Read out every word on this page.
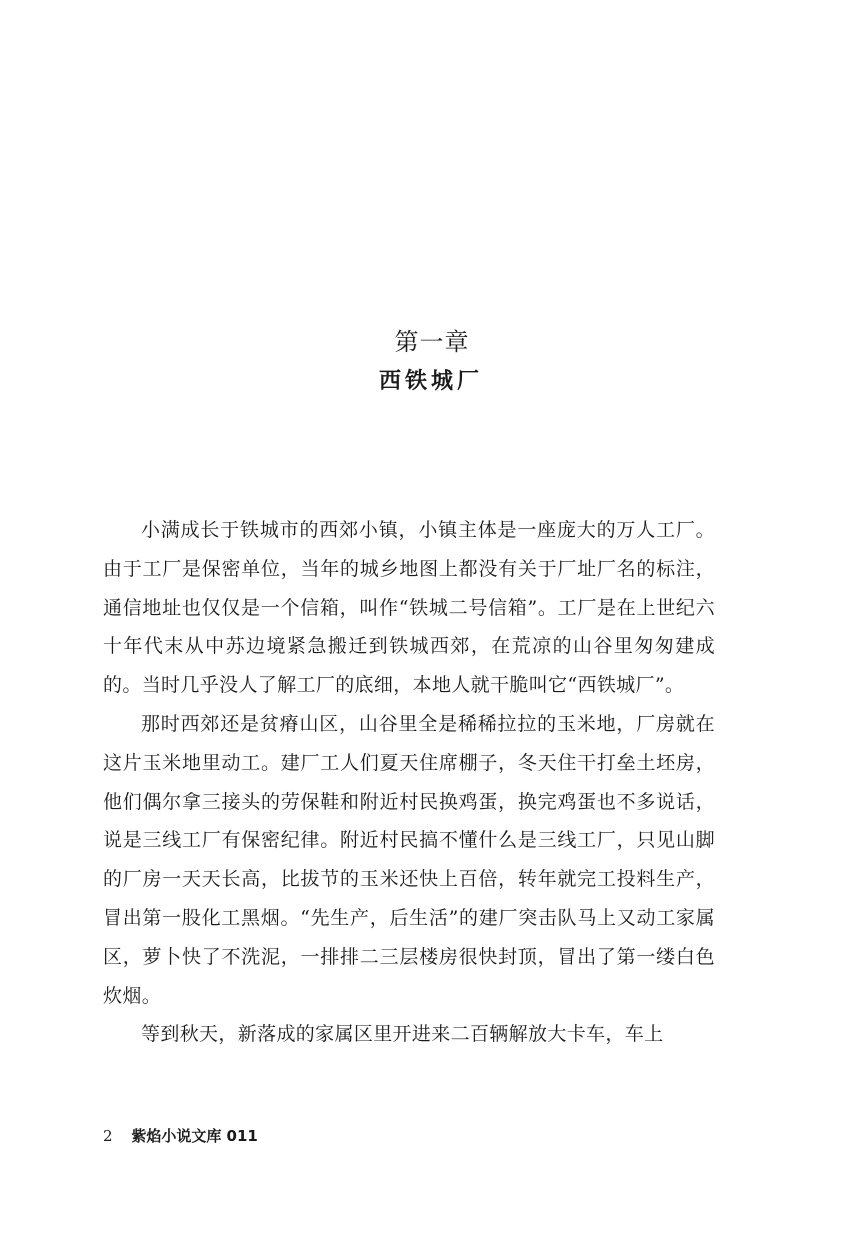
第一章
西铁城厂

小满成长于铁城市的西郊小镇，小镇主体是一座庞大的万人工厂。由于工厂是保密单位，当年的城乡地图上都没有关于厂址厂名的标注，通信地址也仅仅是一个信箱，叫作“铁城二号信箱”。工厂是在上世纪六十年代末从中苏边境紧急搬迁到铁城西郊，在荒凉的山谷里匆匆建成的。当时几乎没人了解工厂的底细，本地人就干脆叫它“西铁城厂”。

那时西郊还是贫瘠山区，山谷里全是稀稀拉拉的玉米地，厂房就在这片玉米地里动工。建厂工人们夏天住席棚子，冬天住干打垒土坯房，他们偶尔拿三接头的劳保鞋和附近村民换鸡蛋，换完鸡蛋也不多说话，说是三线工厂有保密纪律。附近村民搞不懂什么是三线工厂，只见山脚的厂房一天天长高，比拔节的玉米还快上百倍，转年就完工投料生产，冒出第一股化工黑烟。“先生产，后生活”的建厂突击队马上又动工家属区，萝卜快了不洗泥，一排排二三层楼房很快封顶，冒出了第一缕白色炊烟。

等到秋天，新落成的家属区里开进来二百辆解放大卡车，车上

2 紫焰小说文库 011
